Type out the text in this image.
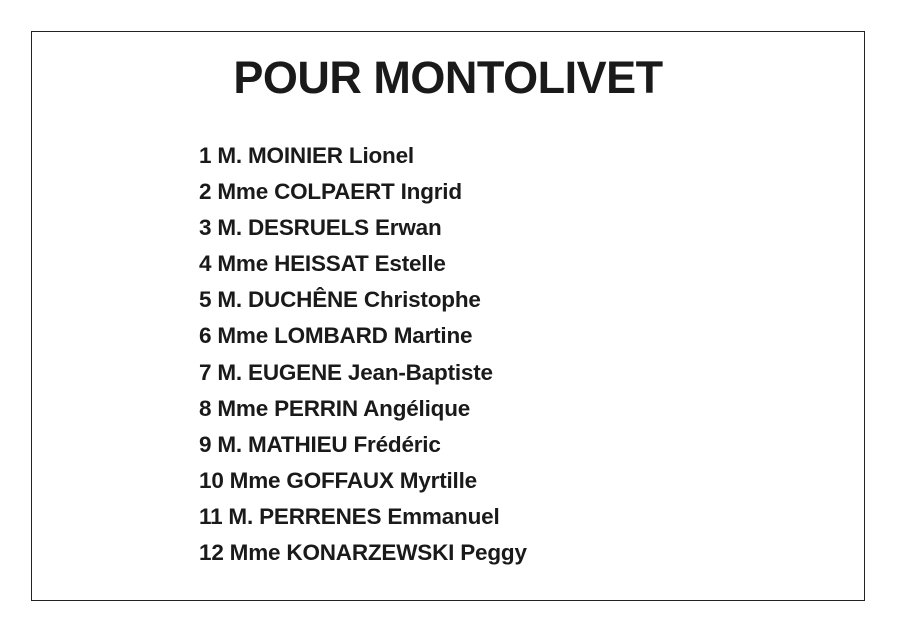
POUR MONTOLIVET
1 M. MOINIER Lionel
2 Mme COLPAERT Ingrid
3 M. DESRUELS Erwan
4 Mme HEISSAT Estelle
5 M. DUCHÊNE Christophe
6 Mme LOMBARD Martine
7 M. EUGENE Jean-Baptiste
8 Mme PERRIN Angélique
9 M. MATHIEU Frédéric
10 Mme GOFFAUX Myrtille
11 M. PERRENES Emmanuel
12 Mme KONARZEWSKI Peggy
